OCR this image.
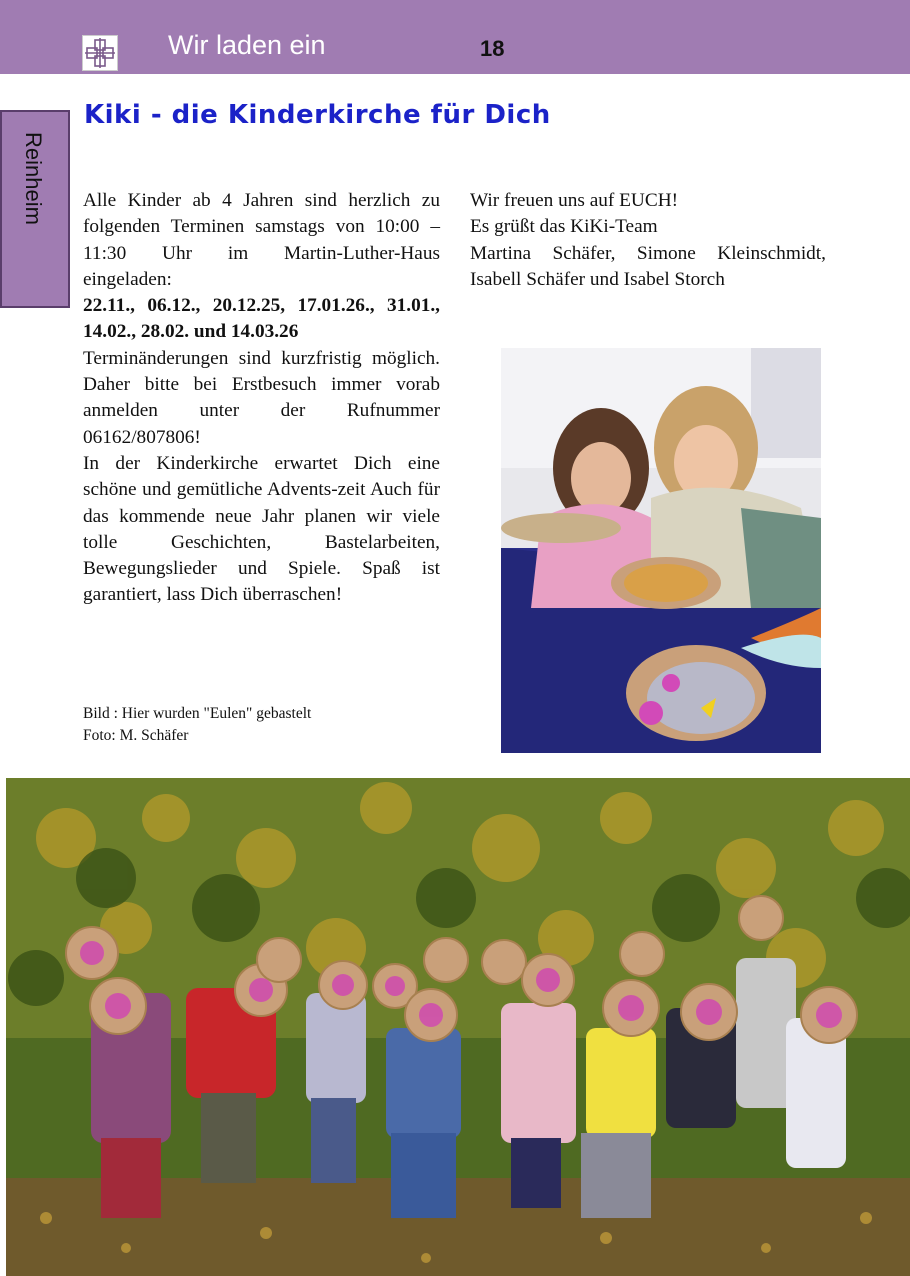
Wir laden ein	18
Reinheim
Kiki - die Kinderkirche für Dich

Alle Kinder ab 4 Jahren sind herzlich zu folgenden Terminen samstags von 10:00 – 11:30 Uhr im Martin-Luther-Haus eingeladen:

22.11., 06.12., 20.12.25, 17.01.26., 31.01., 14.02., 28.02. und 14.03.26

Terminänderungen sind kurzfristig möglich. Daher bitte bei Erstbesuch immer vorab anmelden unter der Rufnummer 06162/807806!

In der Kinderkirche erwartet Dich eine schöne und gemütliche Advents-zeit Auch für das kommende neue Jahr planen wir viele tolle Geschichten, Bastelarbeiten, Bewegungslieder und Spiele. Spaß ist garantiert, lass Dich überraschen!

Wir freuen uns auf EUCH!

Es grüßt das KiKi-Team

Martina Schäfer, Simone Kleinschmidt, Isabell Schäfer und Isabel Storch

Bild : Hier wurden "Eulen" gebastelt
Foto: M. Schäfer
